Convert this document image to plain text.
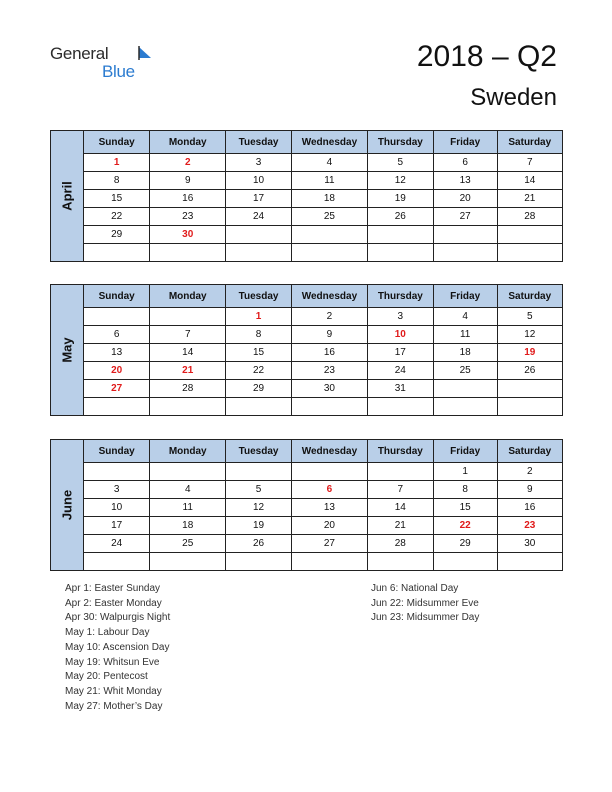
General
Blue	2018 – Q2
Sweden
April
Sunday	Monday	Tuesday	Wednesday	Thursday	Friday	Saturday
1	2	3	4	5	6	7
8	9	10	11	12	13	14
15	16	17	18	19	20	21
22	23	24	25	26	27	28
29	30					

May
Sunday	Monday	Tuesday	Wednesday	Thursday	Friday	Saturday
		1	2	3	4	5
6	7	8	9	10	11	12
13	14	15	16	17	18	19
20	21	22	23	24	25	26
27	28	29	30	31		

June
Sunday	Monday	Tuesday	Wednesday	Thursday	Friday	Saturday
					1	2
3	4	5	6	7	8	9
10	11	12	13	14	15	16
17	18	19	20	21	22	23
24	25	26	27	28	29	30

Apr 1: Easter Sunday
Apr 2: Easter Monday
Apr 30: Walpurgis Night
May 1: Labour Day
May 10: Ascension Day
May 19: Whitsun Eve
May 20: Pentecost
May 21: Whit Monday
May 27: Mother’s Day
Jun 6: National Day
Jun 22: Midsummer Eve
Jun 23: Midsummer Day
